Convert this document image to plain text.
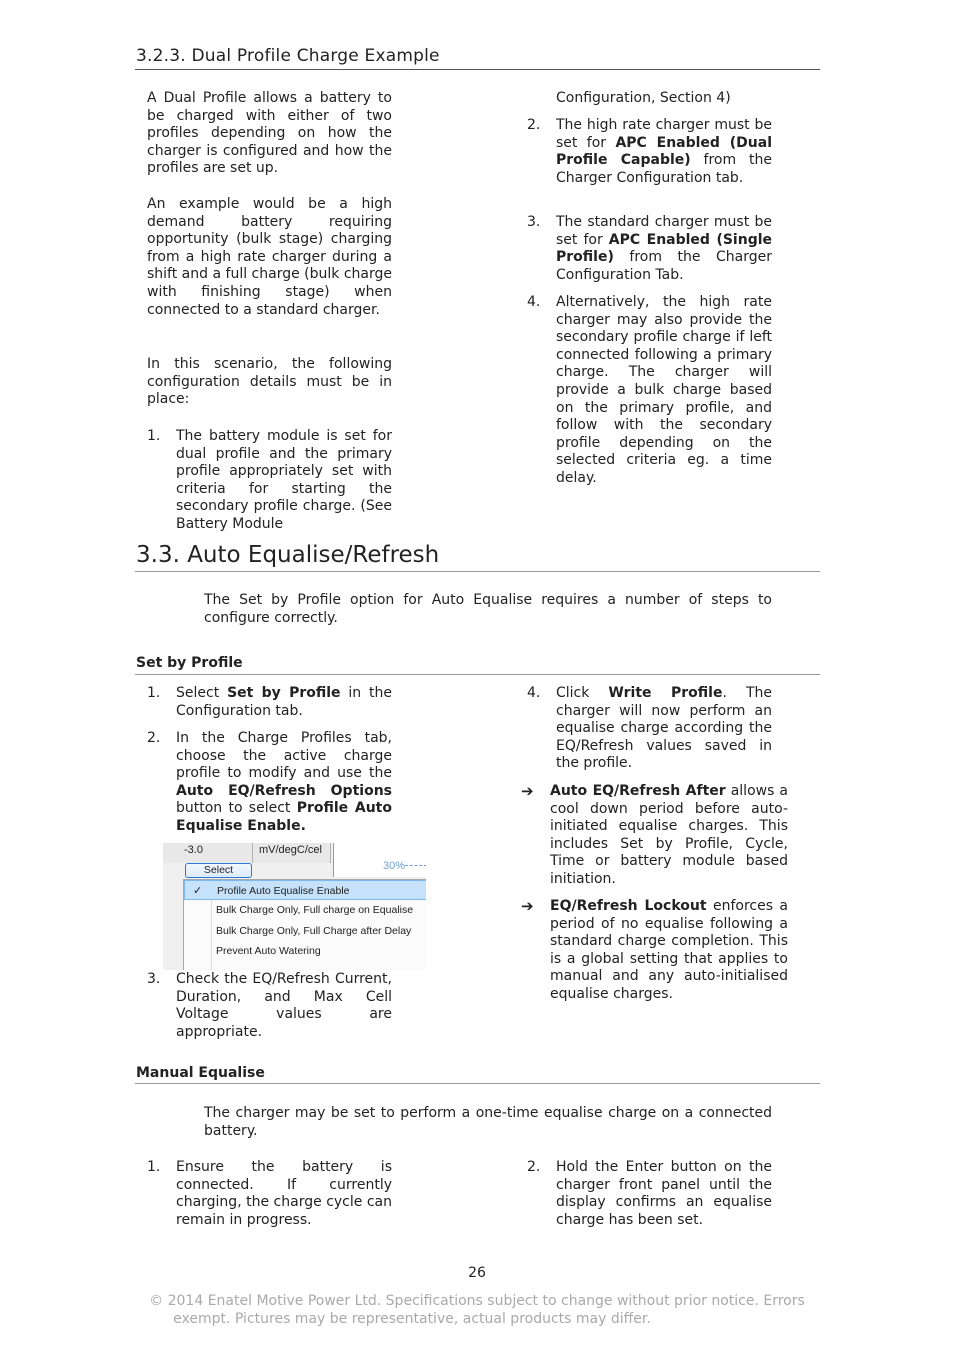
3.2.3. Dual Profile Charge Example
A Dual Profile allows a battery to be charged with either of two profiles depending on how the charger is configured and how the profiles are set up.
An example would be a high demand battery requiring opportunity (bulk stage) charging from a high rate charger during a shift and a full charge (bulk charge with finishing stage) when connected to a standard charger.
In this scenario, the following configuration details must be in place:
1. The battery module is set for dual profile and the primary profile appropriately set with criteria for starting the secondary profile charge. (See Battery Module
Configuration, Section 4)
2. The high rate charger must be set for APC Enabled (Dual Profile Capable) from the Charger Configuration tab.
3. The standard charger must be set for APC Enabled (Single Profile) from the Charger Configuration Tab.
4. Alternatively, the high rate charger may also provide the secondary profile charge if left connected following a primary charge. The charger will provide a bulk charge based on the primary profile, and follow with the secondary profile depending on the selected criteria eg. a time delay.
3.3. Auto Equalise/Refresh
The Set by Profile option for Auto Equalise requires a number of steps to configure correctly.
Set by Profile
1. Select Set by Profile in the Configuration tab.
2. In the Charge Profiles tab, choose the active charge profile to modify and use the Auto EQ/Refresh Options button to select Profile Auto Equalise Enable.
-3.0	mV/degC/cel
30%
Select
✓ Profile Auto Equalise Enable
Bulk Charge Only, Full charge on Equalise
Bulk Charge Only, Full Charge after Delay
Prevent Auto Watering
3. Check the EQ/Refresh Current, Duration, and Max Cell Voltage values are appropriate.
4. Click Write Profile. The charger will now perform an equalise charge according the EQ/Refresh values saved in the profile.
➔ Auto EQ/Refresh After allows a cool down period before auto-initiated equalise charges. This includes Set by Profile, Cycle, Time or battery module based initiation.
➔ EQ/Refresh Lockout enforces a period of no equalise following a standard charge completion. This is a global setting that applies to manual and any auto-initialised equalise charges.
Manual Equalise
The charger may be set to perform a one-time equalise charge on a connected battery.
1. Ensure the battery is connected. If currently charging, the charge cycle can remain in progress.
2. Hold the Enter button on the charger front panel until the display confirms an equalise charge has been set.
26
© 2014 Enatel Motive Power Ltd. Specifications subject to change without prior notice. Errors
exempt. Pictures may be representative, actual products may differ.
